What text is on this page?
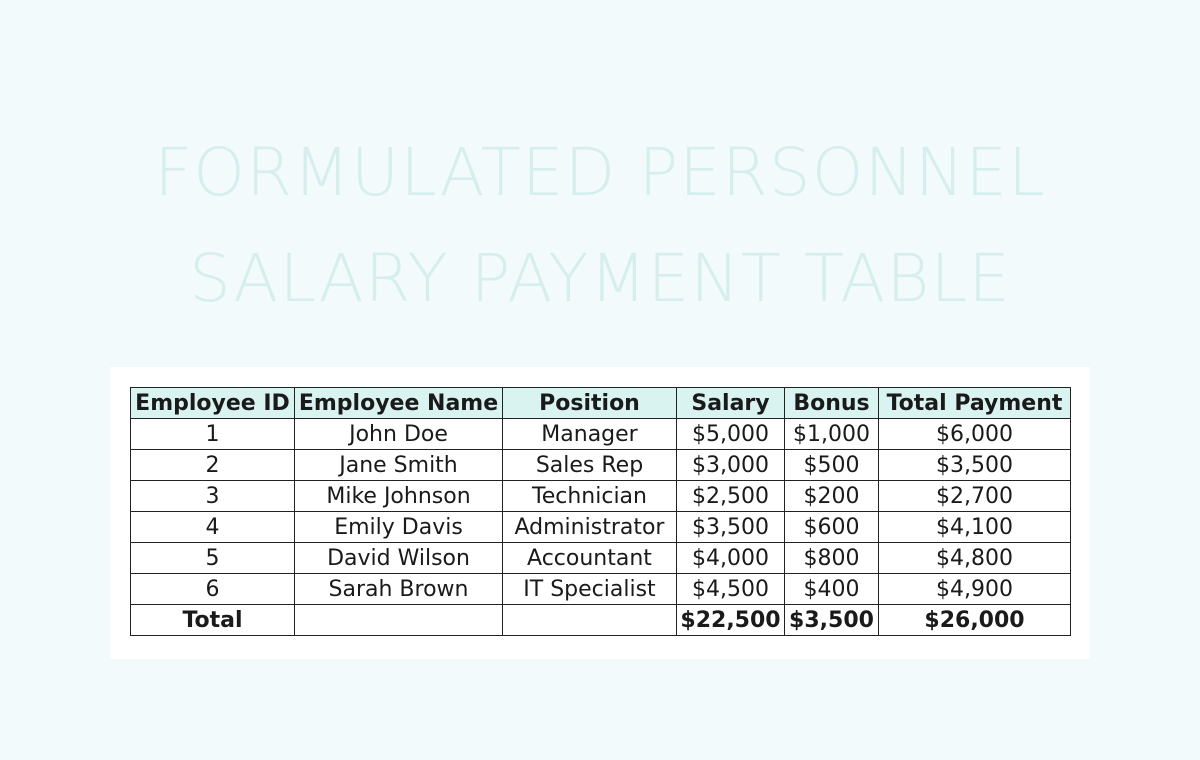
FORMULATED PERSONNEL
SALARY PAYMENT TABLE
Employee ID	Employee Name	Position	Salary	Bonus	Total Payment
1	John Doe	Manager	$5,000	$1,000	$6,000
2	Jane Smith	Sales Rep	$3,000	$500	$3,500
3	Mike Johnson	Technician	$2,500	$200	$2,700
4	Emily Davis	Administrator	$3,500	$600	$4,100
5	David Wilson	Accountant	$4,000	$800	$4,800
6	Sarah Brown	IT Specialist	$4,500	$400	$4,900
Total			$22,500	$3,500	$26,000
